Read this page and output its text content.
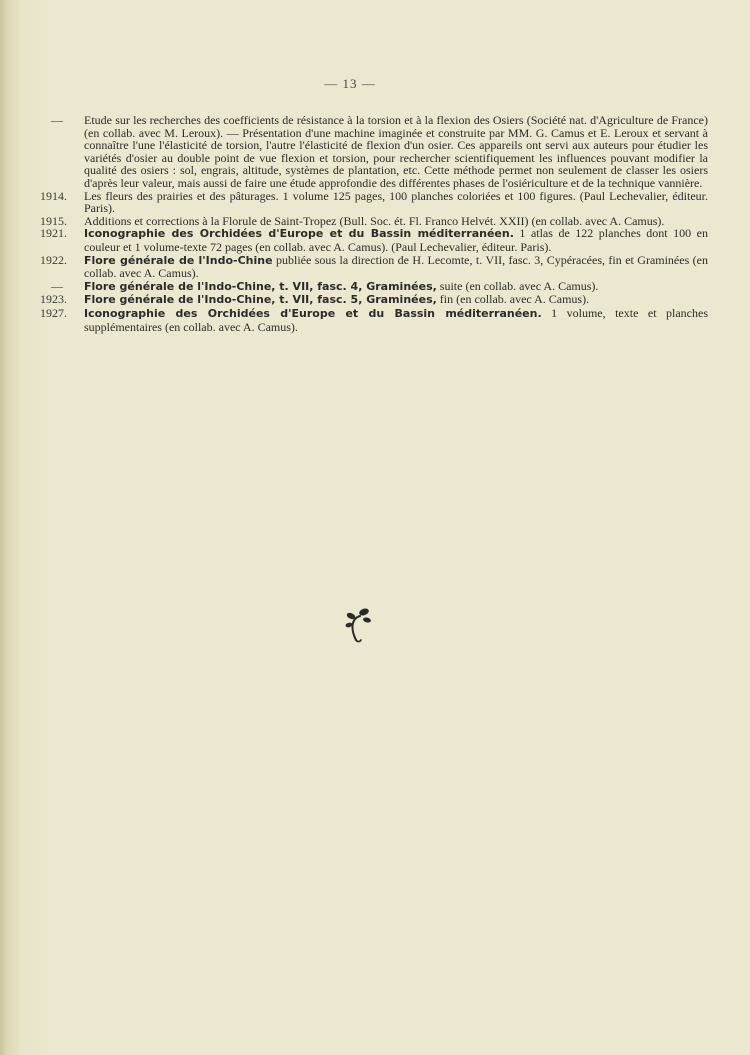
— 13 —
—	Etude sur les recherches des coefficients de résistance à la torsion et à la flexion des Osiers (Société nat. d'Agriculture de France) (en collab. avec M. Leroux). — Présentation d'une machine imaginée et construite par MM. G. Camus et E. Leroux et servant à connaître l'une l'élasticité de torsion, l'autre l'élasticité de flexion d'un osier. Ces appareils ont servi aux auteurs pour étudier les variétés d'osier au double point de vue flexion et torsion, pour rechercher scientifiquement les influences pouvant modifier la qualité des osiers : sol, engrais, altitude, systèmes de plantation, etc. Cette méthode permet non seulement de classer les osiers d'après leur valeur, mais aussi de faire une étude approfondie des différentes phases de l'osiériculture et de la technique vannière.
1914.	Les fleurs des prairies et des pâturages. 1 volume 125 pages, 100 planches coloriées et 100 figures. (Paul Lechevalier, éditeur. Paris).
1915.	Additions et corrections à la Florule de Saint-Tropez (Bull. Soc. ét. Fl. Franco Helvét. XXII) (en collab. avec A. Camus).
1921.	Iconographie des Orchidées d'Europe et du Bassin méditerranéen. 1 atlas de 122 planches dont 100 en couleur et 1 volume-texte 72 pages (en collab. avec A. Camus). (Paul Lechevalier, éditeur. Paris).
1922.	Flore générale de l'Indo-Chine publiée sous la direction de H. Lecomte, t. VII, fasc. 3, Cypéracées, fin et Graminées (en collab. avec A. Camus).
—	Flore générale de l'Indo-Chine, t. VII, fasc. 4, Graminées, suite (en collab. avec A. Camus).
1923.	Flore générale de l'Indo-Chine, t. VII, fasc. 5, Graminées, fin (en collab. avec A. Camus).
1927.	Iconographie des Orchidées d'Europe et du Bassin méditerranéen. 1 volume, texte et planches supplémentaires (en collab. avec A. Camus).
